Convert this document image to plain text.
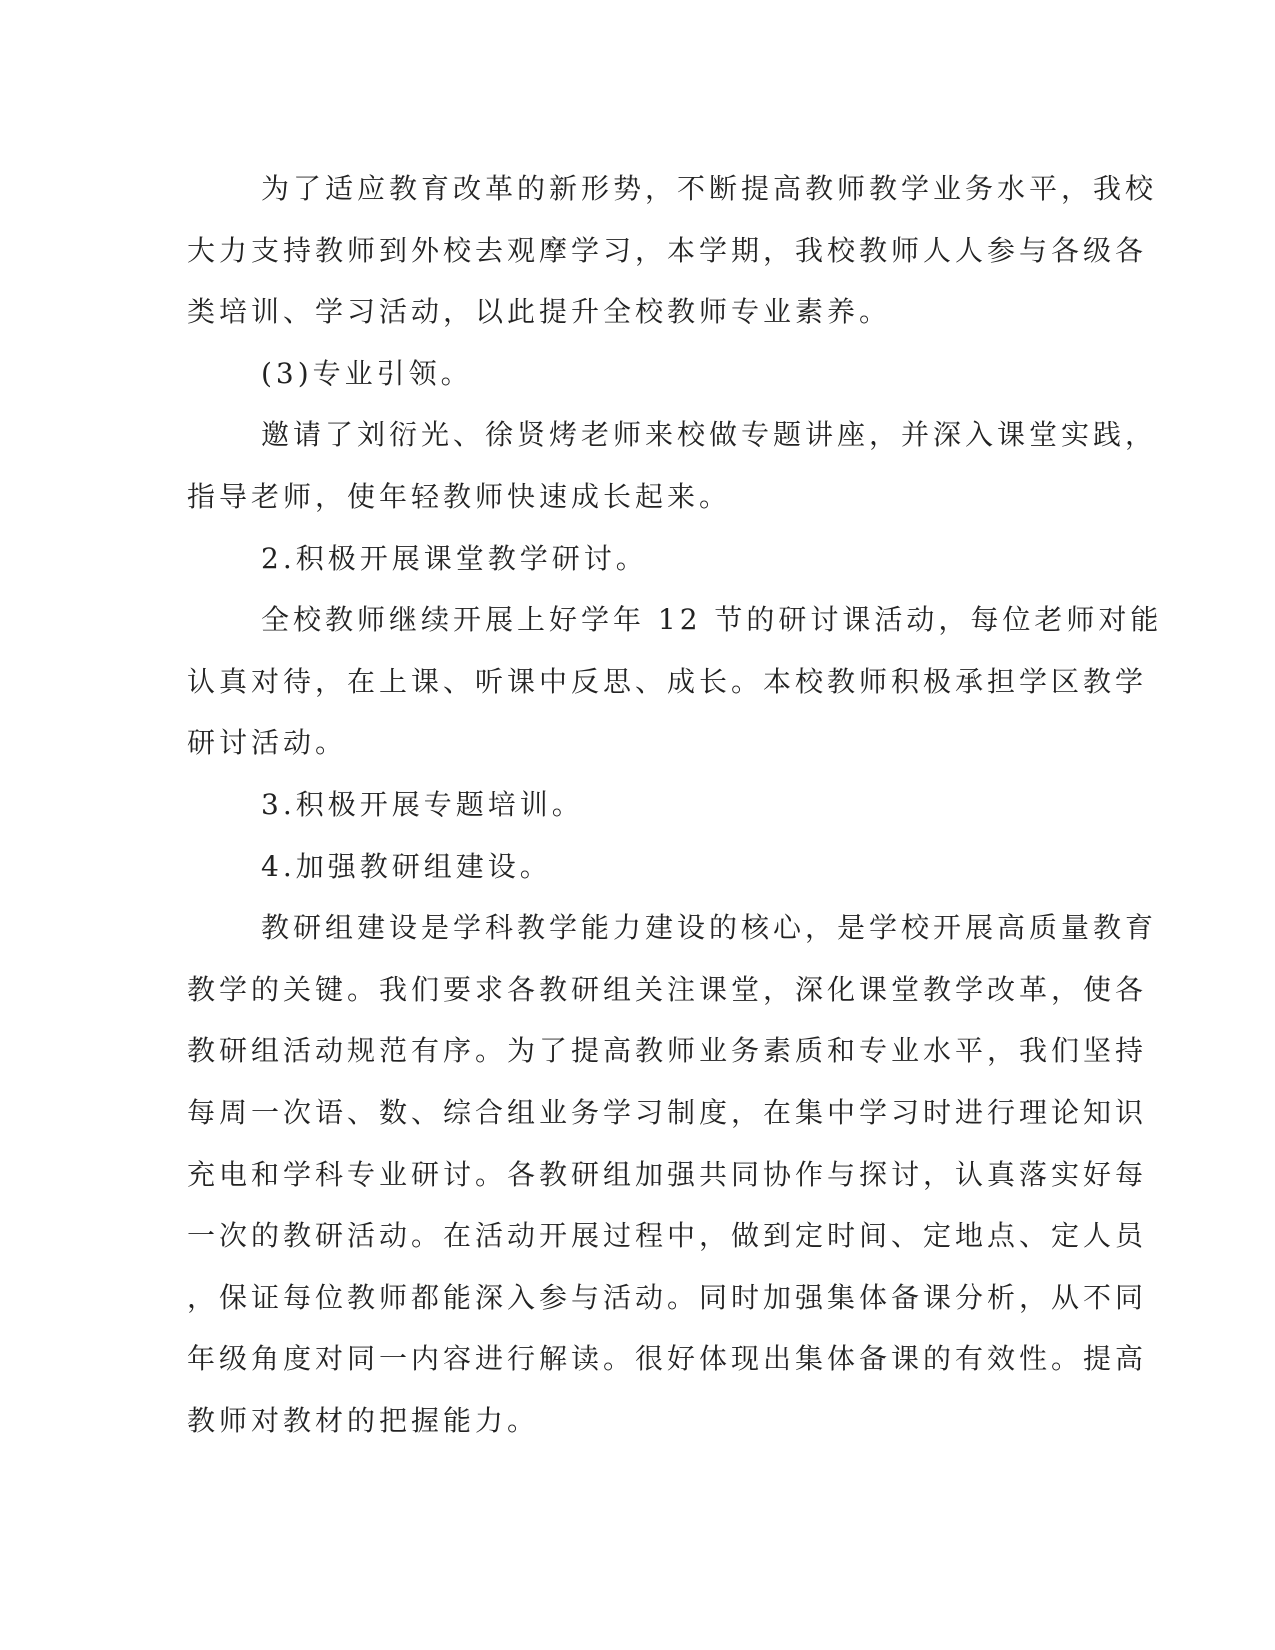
为了适应教育改革的新形势，不断提高教师教学业务水平，我校
大力支持教师到外校去观摩学习，本学期，我校教师人人参与各级各
类培训、学习活动，以此提升全校教师专业素养。
(3)专业引领。
邀请了刘衍光、徐贤烤老师来校做专题讲座，并深入课堂实践，
指导老师，使年轻教师快速成长起来。
2.积极开展课堂教学研讨。
全校教师继续开展上好学年 12 节的研讨课活动，每位老师对能
认真对待，在上课、听课中反思、成长。本校教师积极承担学区教学
研讨活动。
3.积极开展专题培训。
4.加强教研组建设。
教研组建设是学科教学能力建设的核心，是学校开展高质量教育
教学的关键。我们要求各教研组关注课堂，深化课堂教学改革，使各
教研组活动规范有序。为了提高教师业务素质和专业水平，我们坚持
每周一次语、数、综合组业务学习制度，在集中学习时进行理论知识
充电和学科专业研讨。各教研组加强共同协作与探讨，认真落实好每
一次的教研活动。在活动开展过程中，做到定时间、定地点、定人员
，保证每位教师都能深入参与活动。同时加强集体备课分析，从不同
年级角度对同一内容进行解读。很好体现出集体备课的有效性。提高
教师对教材的把握能力。
